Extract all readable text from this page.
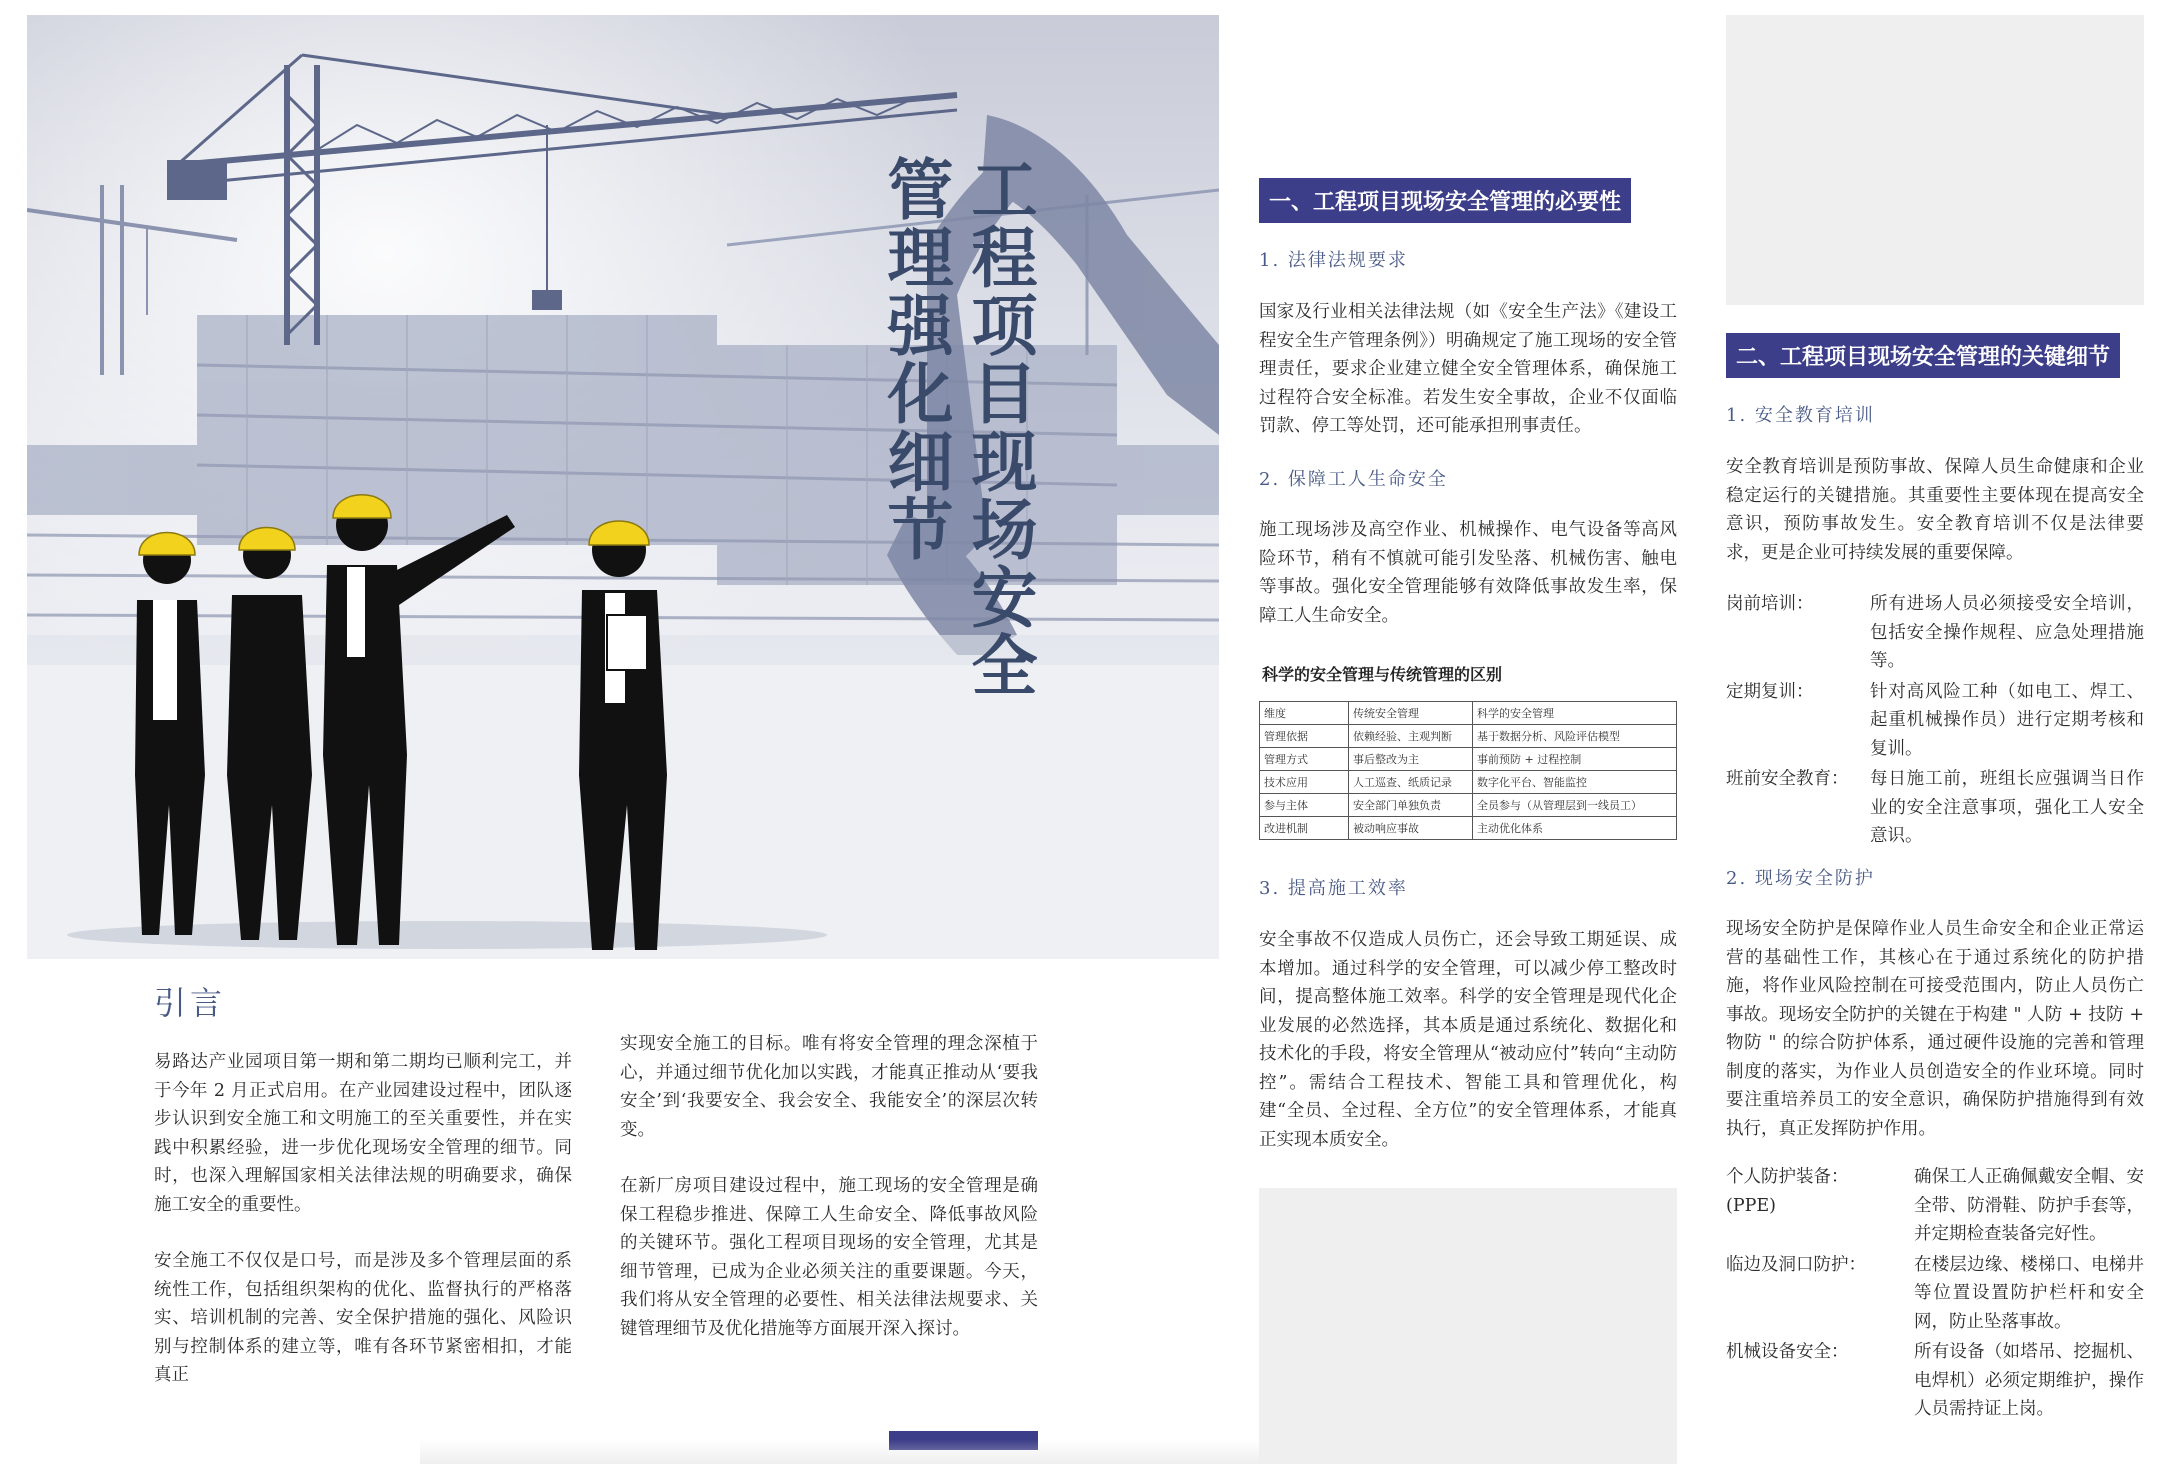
工程项目现场安全
管理强化细节
引言

易路达产业园项目第一期和第二期均已顺利完工，并于今年 2 月正式启用。在产业园建设过程中，团队逐步认识到安全施工和文明施工的至关重要性，并在实践中积累经验，进一步优化现场安全管理的细节。同时，也深入理解国家相关法律法规的明确要求，确保施工安全的重要性。

安全施工不仅仅是口号，而是涉及多个管理层面的系统性工作，包括组织架构的优化、监督执行的严格落实、培训机制的完善、安全保护措施的强化、风险识别与控制体系的建立等，唯有各环节紧密相扣，才能真正

实现安全施工的目标。唯有将安全管理的理念深植于心，并通过细节优化加以实践，才能真正推动从‘要我安全’到‘我要安全、我会安全、我能安全’的深层次转变。

在新厂房项目建设过程中，施工现场的安全管理是确保工程稳步推进、保障工人生命安全、降低事故风险的关键环节。强化工程项目现场的安全管理，尤其是细节管理，已成为企业必须关注的重要课题。今天，我们将从安全管理的必要性、相关法律法规要求、关键管理细节及优化措施等方面展开深入探讨。

一、工程项目现场安全管理的必要性
1. 法律法规要求
国家及行业相关法律法规（如《安全生产法》《建设工程安全生产管理条例》）明确规定了施工现场的安全管理责任，要求企业建立健全安全管理体系，确保施工过程符合安全标准。若发生安全事故，企业不仅面临罚款、停工等处罚，还可能承担刑事责任。
2. 保障工人生命安全
施工现场涉及高空作业、机械操作、电气设备等高风险环节，稍有不慎就可能引发坠落、机械伤害、触电等事故。强化安全管理能够有效降低事故发生率，保障工人生命安全。
科学的安全管理与传统管理的区别
维度	传统安全管理	科学的安全管理
管理依据	依赖经验、主观判断	基于数据分析、风险评估模型
管理方式	事后整改为主	事前预防 + 过程控制
技术应用	人工巡查、纸质记录	数字化平台、智能监控
参与主体	安全部门单独负责	全员参与（从管理层到一线员工）
改进机制	被动响应事故	主动优化体系
3. 提高施工效率
安全事故不仅造成人员伤亡，还会导致工期延误、成本增加。通过科学的安全管理，可以减少停工整改时间，提高整体施工效率。科学的安全管理是现代化企业发展的必然选择，其本质是通过系统化、数据化和技术化的手段，将安全管理从“被动应付”转向“主动防控”。需结合工程技术、智能工具和管理优化，构建“全员、全过程、全方位”的安全管理体系，才能真正实现本质安全。
二、工程项目现场安全管理的关键细节
1. 安全教育培训
安全教育培训是预防事故、保障人员生命健康和企业稳定运行的关键措施。其重要性主要体现在提高安全意识，预防事故发生。安全教育培训不仅是法律要求，更是企业可持续发展的重要保障。
岗前培训：	所有进场人员必须接受安全培训，包括安全操作规程、应急处理措施等。
定期复训：	针对高风险工种（如电工、焊工、起重机械操作员）进行定期考核和复训。
班前安全教育： 每日施工前，班组长应强调当日作业的安全注意事项，强化工人安全意识。
2. 现场安全防护
现场安全防护是保障作业人员生命安全和企业正常运营的基础性工作，其核心在于通过系统化的防护措施，将作业风险控制在可接受范围内，防止人员伤亡事故。现场安全防护的关键在于构建 " 人防 + 技防 + 物防 " 的综合防护体系，通过硬件设施的完善和管理制度的落实，为作业人员创造安全的作业环境。同时要注重培养员工的安全意识，确保防护措施得到有效执行，真正发挥防护作用。
个人防护装备：(PPE)
确保工人正确佩戴安全帽、安全带、防滑鞋、防护手套等，并定期检查装备完好性。
临边及洞口防护：	在楼层边缘、楼梯口、电梯井等位置设置防护栏杆和安全网，防止坠落事故。
机械设备安全：	所有设备（如塔吊、挖掘机、电焊机）必须定期维护，操作人员需持证上岗。
